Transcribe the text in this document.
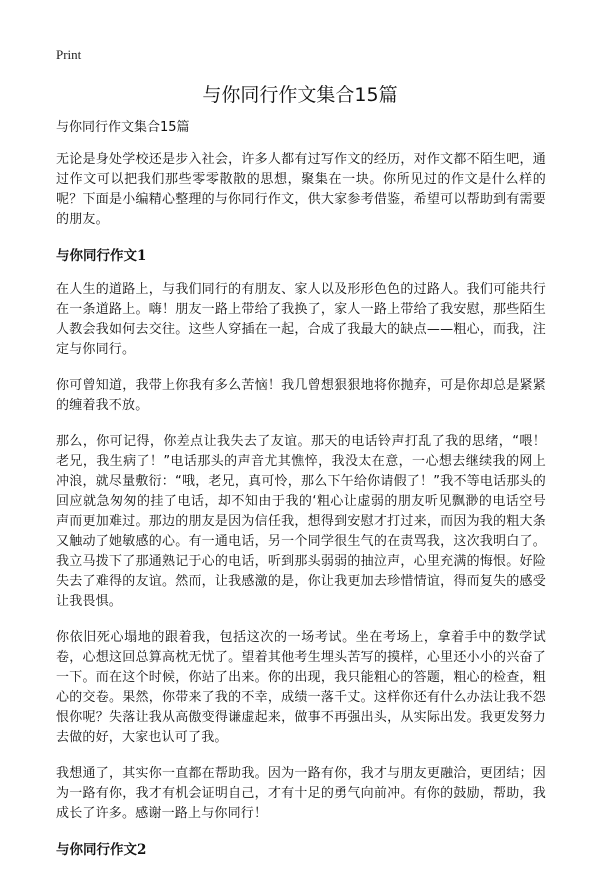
Print
与你同行作文集合15篇

与你同行作文集合15篇

无论是身处学校还是步入社会，许多人都有过写作文的经历，对作文都不陌生吧，通过作文可以把我们那些零零散散的思想，聚集在一块。你所见过的作文是什么样的呢？下面是小编精心整理的与你同行作文，供大家参考借鉴，希望可以帮助到有需要的朋友。

与你同行作文1

在人生的道路上，与我们同行的有朋友、家人以及形形色色的过路人。我们可能共行在一条道路上。嗨！朋友一路上带给了我换了，家人一路上带给了我安慰，那些陌生人教会我如何去交往。这些人穿插在一起，合成了我最大的缺点——粗心，而我，注定与你同行。

你可曾知道，我带上你我有多么苦恼！我几曾想狠狠地将你抛弃，可是你却总是紧紧的缠着我不放。

那么，你可记得，你差点让我失去了友谊。那天的电话铃声打乱了我的思绪，“喂！老兄，我生病了！”电话那头的声音尤其憔悴，我没太在意，一心想去继续我的网上冲浪，就尽量敷衍：“哦，老兄，真可怜，那么下午给你请假了！”我不等电话那头的回应就急匆匆的挂了电话，却不知由于我的‘粗心让虚弱的朋友听见飘渺的电话空号声而更加难过。那边的朋友是因为信任我，想得到安慰才打过来，而因为我的粗大条又触动了她敏感的心。有一通电话，另一个同学很生气的在责骂我，这次我明白了。我立马拨下了那通熟记于心的电话，听到那头弱弱的抽泣声，心里充满的悔恨。好险失去了难得的友谊。然而，让我感激的是，你让我更加去珍惜情谊，得而复失的感受让我畏惧。

你依旧死心塌地的跟着我，包括这次的一场考试。坐在考场上，拿着手中的数学试卷，心想这回总算高枕无忧了。望着其他考生埋头苦写的摸样，心里还小小的兴奋了一下。而在这个时候，你站了出来。你的出现，我只能粗心的答题，粗心的检查，粗心的交卷。果然，你带来了我的不幸，成绩一落千丈。这样你还有什么办法让我不怨恨你呢？失落让我从高傲变得谦虚起来，做事不再强出头，从实际出发。我更发努力去做的好，大家也认可了我。

我想通了，其实你一直都在帮助我。因为一路有你，我才与朋友更融洽，更团结；因为一路有你，我才有机会证明自己，才有十足的勇气向前冲。有你的鼓励，帮助，我成长了许多。感谢一路上与你同行！

与你同行作文2
